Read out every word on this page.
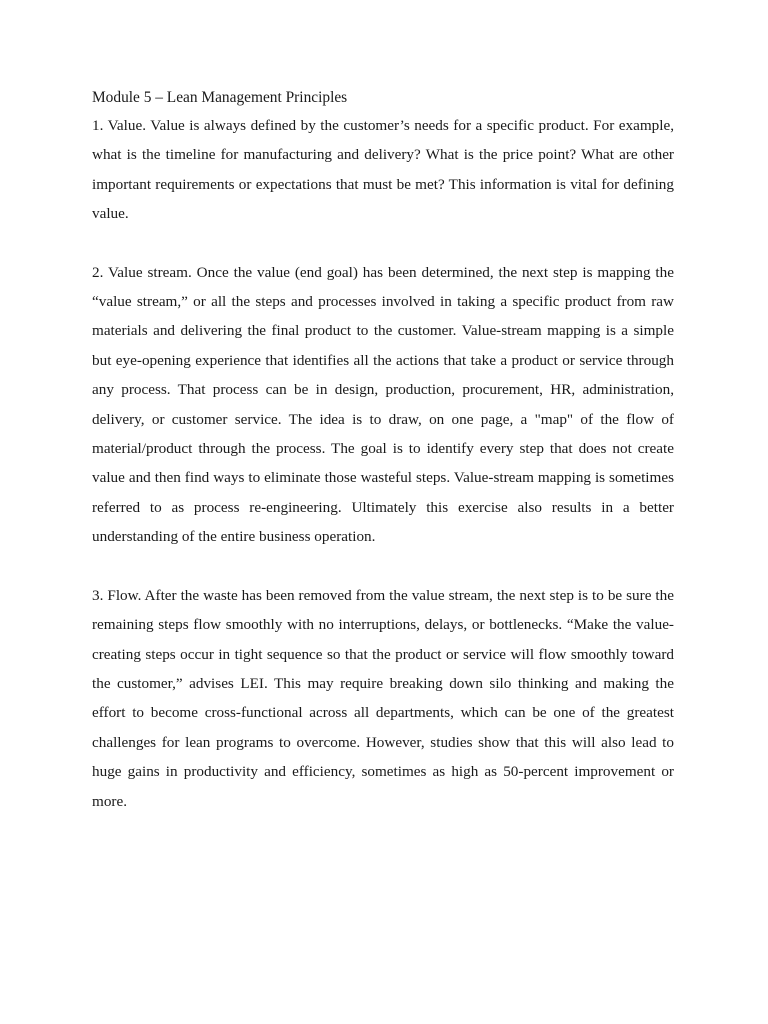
Module 5 – Lean Management Principles

1. Value. Value is always defined by the customer’s needs for a specific product. For example, what is the timeline for manufacturing and delivery? What is the price point? What are other important requirements or expectations that must be met? This information is vital for defining value.

2. Value stream. Once the value (end goal) has been determined, the next step is mapping the “value stream,” or all the steps and processes involved in taking a specific product from raw materials and delivering the final product to the customer. Value-stream mapping is a simple but eye-opening experience that identifies all the actions that take a product or service through any process. That process can be in design, production, procurement, HR, administration, delivery, or customer service. The idea is to draw, on one page, a "map" of the flow of material/product through the process. The goal is to identify every step that does not create value and then find ways to eliminate those wasteful steps. Value-stream mapping is sometimes referred to as process re-engineering. Ultimately this exercise also results in a better understanding of the entire business operation.

3. Flow. After the waste has been removed from the value stream, the next step is to be sure the remaining steps flow smoothly with no interruptions, delays, or bottlenecks. “Make the value-creating steps occur in tight sequence so that the product or service will flow smoothly toward the customer,” advises LEI. This may require breaking down silo thinking and making the effort to become cross-functional across all departments, which can be one of the greatest challenges for lean programs to overcome. However, studies show that this will also lead to huge gains in productivity and efficiency, sometimes as high as 50-percent improvement or more.
